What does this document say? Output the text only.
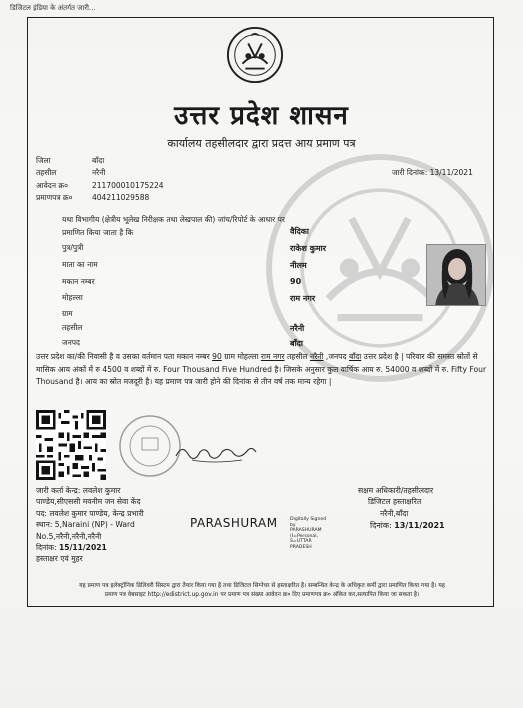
डिजिटल इंडिया के अंतर्गत जारी...
उत्तर प्रदेश शासन
कार्यालय तहसीलदार द्वारा प्रदत्त आय प्रमाण पत्र
जिला	बाँदा
तहसील	नरैनी	जारी दिनांक: 13/11/2021
आवेदन क्र०	211700010175224
प्रमाणपत्र क्र०	404211029588
यथा विभागीय (क्षेत्रीय भूलेख निरीक्षक तथा लेखपाल की) जांच/रिपोर्ट के आधार पर
प्रमाणित किया जाता है कि	वैदिका
पुत्र/पुत्री	राकेश कुमार
माता का नाम	नीलम
मकान नम्बर	90
मोहल्ला	राम नगर
ग्राम
तहसील	नरैनी
जनपद	बाँदा
उत्तर प्रदेश का/की निवासी है व उसका वर्तमान पता मकान नम्बर 90 ग्राम मोहल्ला राम नगर तहसील नरैनी ,जनपद बाँदा उत्तर प्रदेश है | परिवार की समस्त स्रोतों से मासिक आय अंकों में रु 4500 व शब्दों में रु. Four Thousand Five Hundred है। जिसके अनुसार कुल वार्षिक आय रु. 54000 व शब्दों में रु. Fifty Four Thousand है। आय का स्रोत मजदूरी है। यह प्रमाण पत्र जारी होने की दिनांक से तीन वर्ष तक मान्य रहेगा |
जारी कर्ता केन्द्र: लवलेश कुमार
पाण्डेय,सीएससी मवनीम जन सेवा केंद
पद: लवलेश कुमार पाण्डेय, केन्द्र प्रभारी
स्थान: 5,Naraini (NP) - Ward
No.5,नरैनी,नरैनी,नरैनी
दिनांक: 15/11/2021
हस्ताक्षर एवं मुहर
PARASHURAM	Digitally Signed
by
PARASHURAM
(I=Personal,
S=UTTAR
PRADESH
सक्षम अधिकारी/तहसीलदार
डिजिटल हस्ताक्षरित
नरैनी,बाँदा
दिनांक: 13/11/2021
यह प्रमाण पत्र इलेक्ट्रॉनिक डिलिवरी सिस्टम द्वारा तैयार किया गया है तथा डिजिटल सिग्नेचर से हस्ताक्षरित है। सम्बन्धित केन्द्र के अधिकृत कर्मी द्वारा प्रमाणित किया गया है। यह
प्रमाण पत्र वेबसाइट http://edistrict.up.gov.in पर प्रमाण पत्र संख्या आवेदन क्र० दिए प्रमाणपत्र क्र० अंकित कर,सत्यापित किया जा सकता है।
